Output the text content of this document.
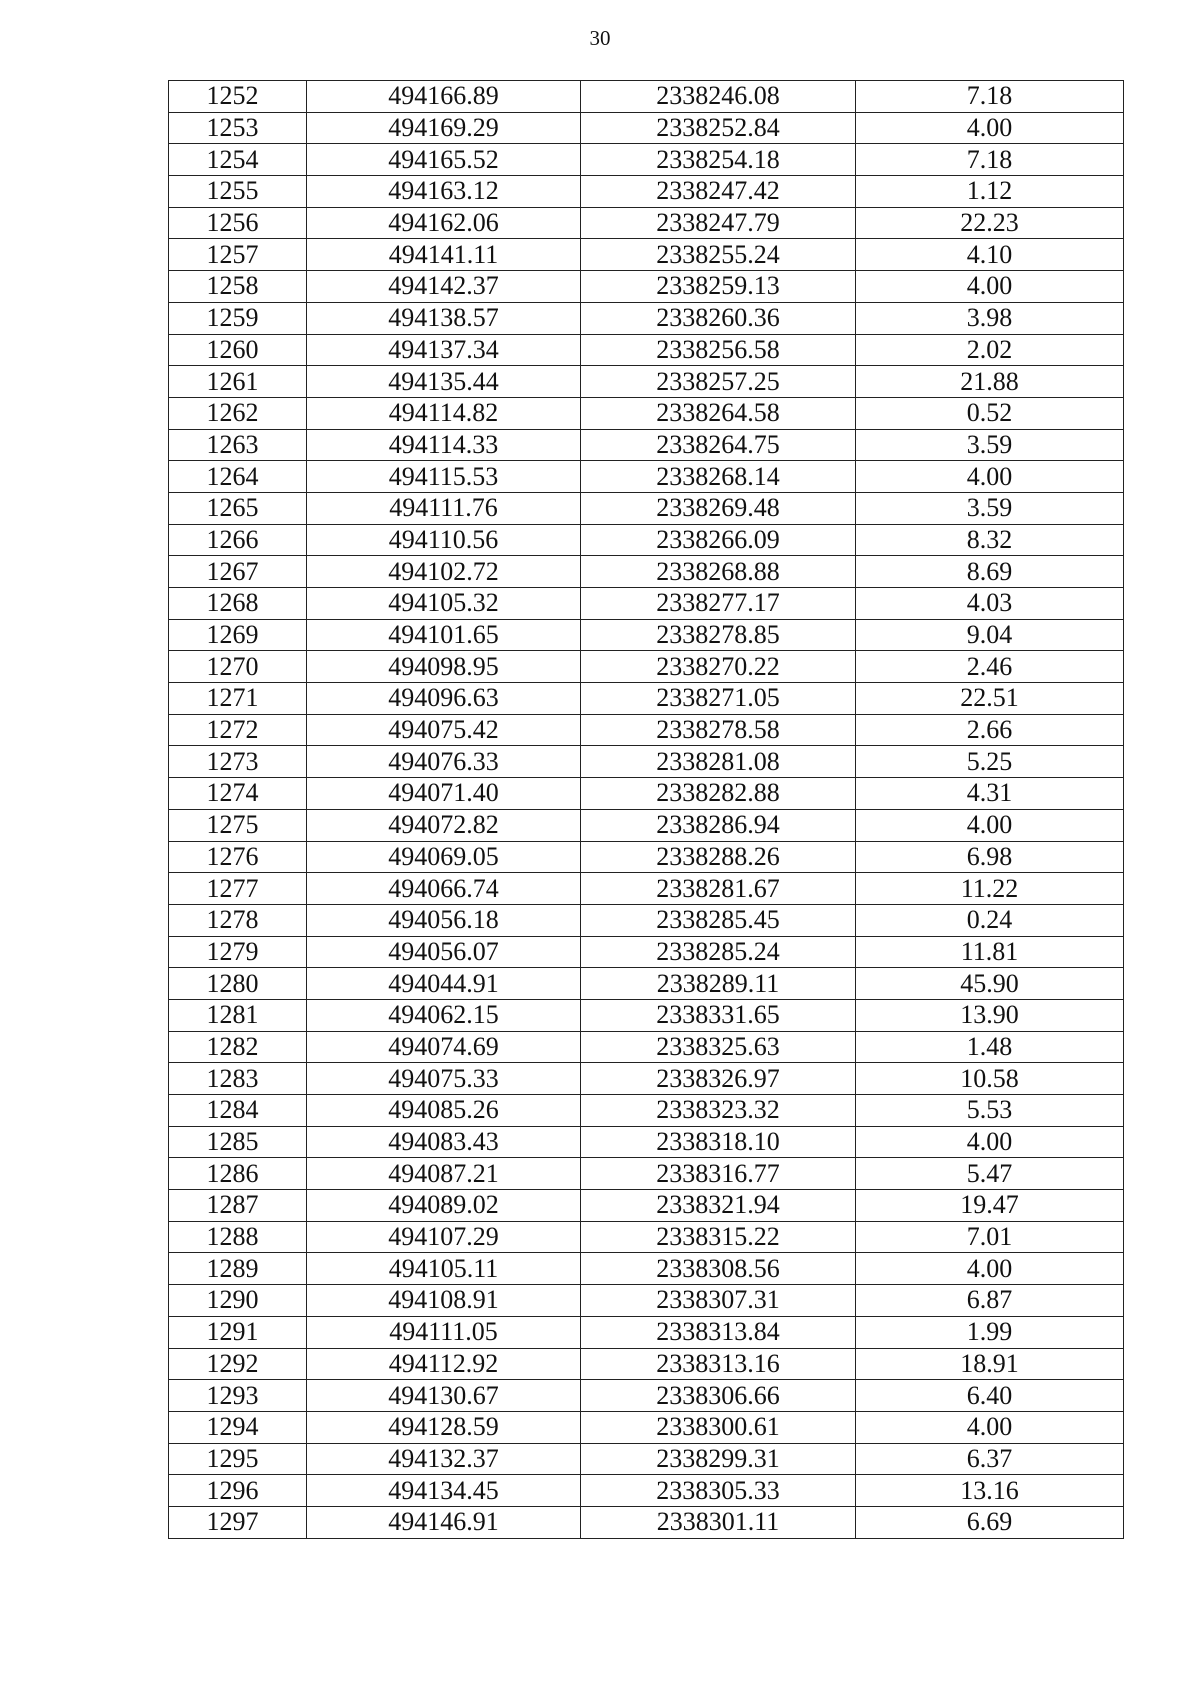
30
1252	494166.89	2338246.08	7.18
1253	494169.29	2338252.84	4.00
1254	494165.52	2338254.18	7.18
1255	494163.12	2338247.42	1.12
1256	494162.06	2338247.79	22.23
1257	494141.11	2338255.24	4.10
1258	494142.37	2338259.13	4.00
1259	494138.57	2338260.36	3.98
1260	494137.34	2338256.58	2.02
1261	494135.44	2338257.25	21.88
1262	494114.82	2338264.58	0.52
1263	494114.33	2338264.75	3.59
1264	494115.53	2338268.14	4.00
1265	494111.76	2338269.48	3.59
1266	494110.56	2338266.09	8.32
1267	494102.72	2338268.88	8.69
1268	494105.32	2338277.17	4.03
1269	494101.65	2338278.85	9.04
1270	494098.95	2338270.22	2.46
1271	494096.63	2338271.05	22.51
1272	494075.42	2338278.58	2.66
1273	494076.33	2338281.08	5.25
1274	494071.40	2338282.88	4.31
1275	494072.82	2338286.94	4.00
1276	494069.05	2338288.26	6.98
1277	494066.74	2338281.67	11.22
1278	494056.18	2338285.45	0.24
1279	494056.07	2338285.24	11.81
1280	494044.91	2338289.11	45.90
1281	494062.15	2338331.65	13.90
1282	494074.69	2338325.63	1.48
1283	494075.33	2338326.97	10.58
1284	494085.26	2338323.32	5.53
1285	494083.43	2338318.10	4.00
1286	494087.21	2338316.77	5.47
1287	494089.02	2338321.94	19.47
1288	494107.29	2338315.22	7.01
1289	494105.11	2338308.56	4.00
1290	494108.91	2338307.31	6.87
1291	494111.05	2338313.84	1.99
1292	494112.92	2338313.16	18.91
1293	494130.67	2338306.66	6.40
1294	494128.59	2338300.61	4.00
1295	494132.37	2338299.31	6.37
1296	494134.45	2338305.33	13.16
1297	494146.91	2338301.11	6.69
